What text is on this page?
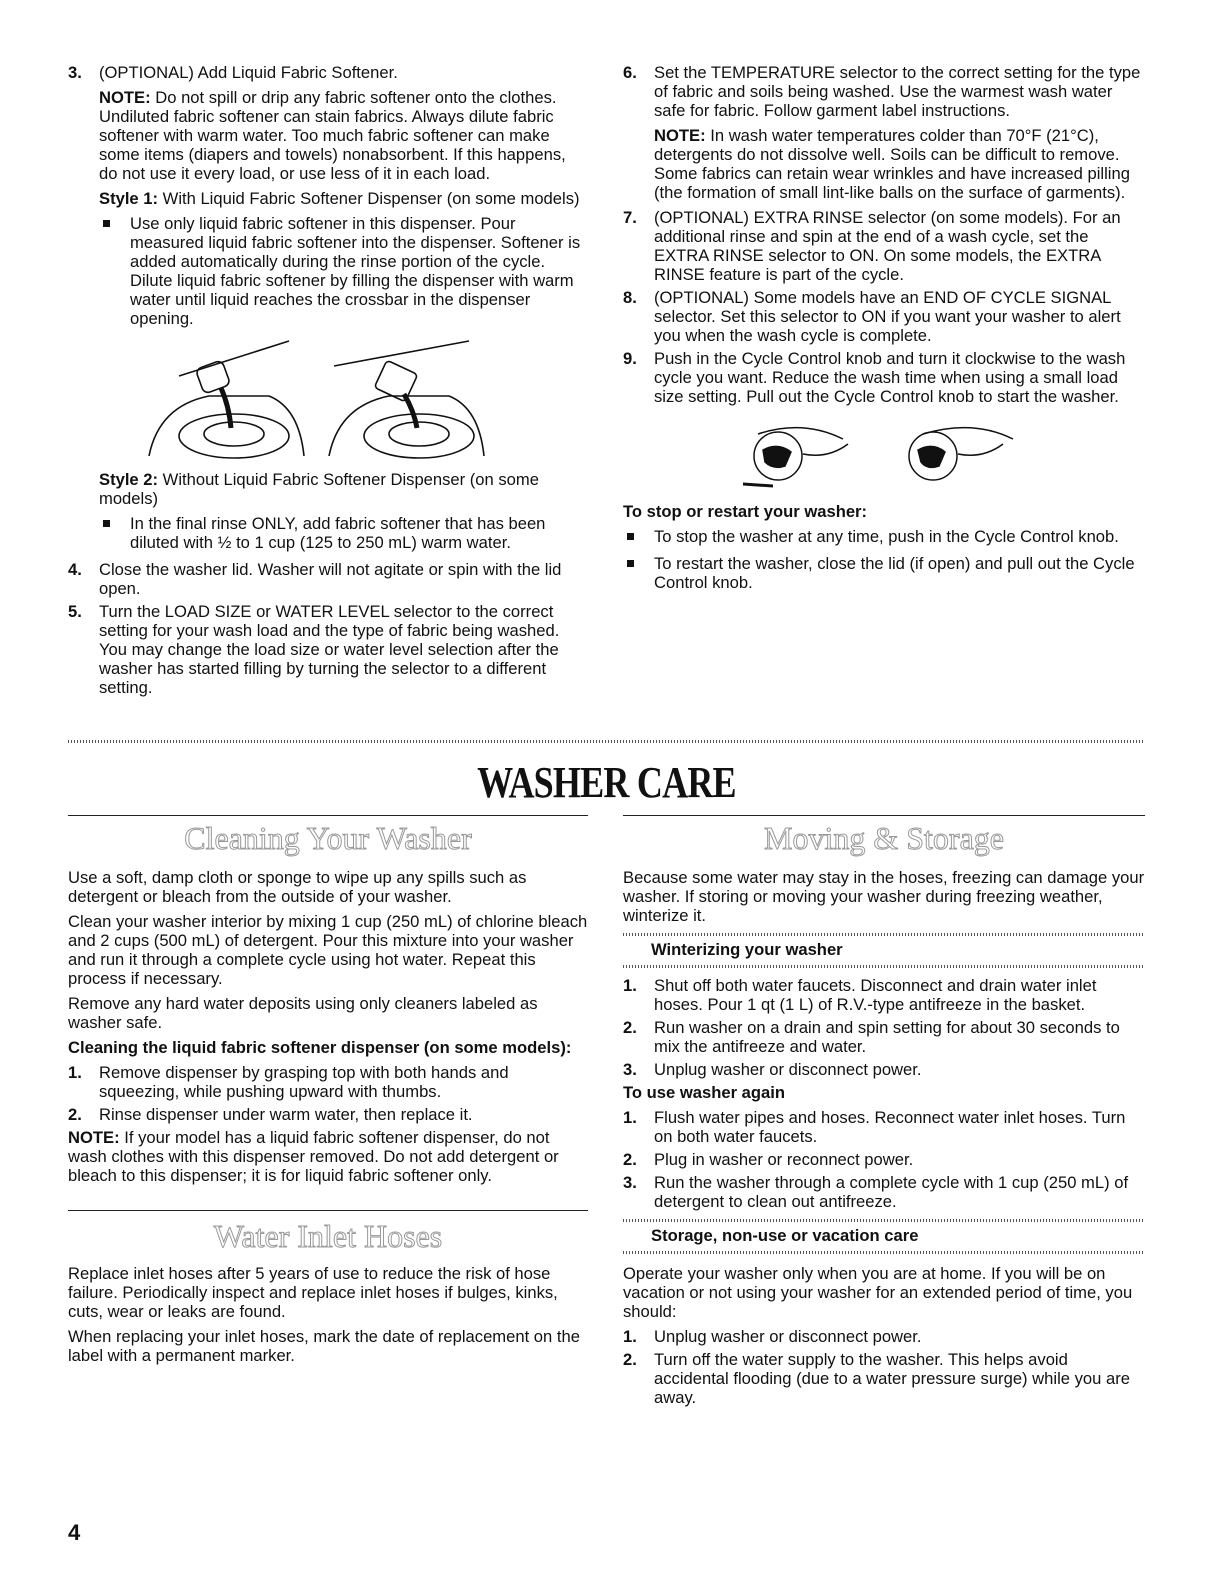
3. (OPTIONAL) Add Liquid Fabric Softener.

NOTE: Do not spill or drip any fabric softener onto the clothes. Undiluted fabric softener can stain fabrics. Always dilute fabric softener with warm water. Too much fabric softener can make some items (diapers and towels) nonabsorbent. If this happens, do not use it every load, or use less of it in each load.

Style 1: With Liquid Fabric Softener Dispenser (on some models)

Use only liquid fabric softener in this dispenser. Pour measured liquid fabric softener into the dispenser. Softener is added automatically during the rinse portion of the cycle. Dilute liquid fabric softener by filling the dispenser with warm water until liquid reaches the crossbar in the dispenser opening.

Style 2: Without Liquid Fabric Softener Dispenser (on some models)

In the final rinse ONLY, add fabric softener that has been diluted with ½ to 1 cup (125 to 250 mL) warm water.
4. Close the washer lid. Washer will not agitate or spin with the lid open.
5. Turn the LOAD SIZE or WATER LEVEL selector to the correct setting for your wash load and the type of fabric being washed. You may change the load size or water level selection after the washer has started filling by turning the selector to a different setting.
6. Set the TEMPERATURE selector to the correct setting for the type of fabric and soils being washed. Use the warmest wash water safe for fabric. Follow garment label instructions.

NOTE: In wash water temperatures colder than 70°F (21°C), detergents do not dissolve well. Soils can be difficult to remove. Some fabrics can retain wear wrinkles and have increased pilling (the formation of small lint-like balls on the surface of garments).

7. (OPTIONAL) EXTRA RINSE selector (on some models). For an additional rinse and spin at the end of a wash cycle, set the EXTRA RINSE selector to ON. On some models, the EXTRA RINSE feature is part of the cycle.
8. (OPTIONAL) Some models have an END OF CYCLE SIGNAL selector. Set this selector to ON if you want your washer to alert you when the wash cycle is complete.
9. Push in the Cycle Control knob and turn it clockwise to the wash cycle you want. Reduce the wash time when using a small load size setting. Pull out the Cycle Control knob to start the washer.

To stop or restart your washer:

To stop the washer at any time, push in the Cycle Control knob.
To restart the washer, close the lid (if open) and pull out the Cycle Control knob.
WASHER CARE
Cleaning Your Washer

Use a soft, damp cloth or sponge to wipe up any spills such as detergent or bleach from the outside of your washer.

Clean your washer interior by mixing 1 cup (250 mL) of chlorine bleach and 2 cups (500 mL) of detergent. Pour this mixture into your washer and run it through a complete cycle using hot water. Repeat this process if necessary.

Remove any hard water deposits using only cleaners labeled as washer safe.

Cleaning the liquid fabric softener dispenser (on some models):

1. Remove dispenser by grasping top with both hands and squeezing, while pushing upward with thumbs.
2. Rinse dispenser under warm water, then replace it.

NOTE: If your model has a liquid fabric softener dispenser, do not wash clothes with this dispenser removed. Do not add detergent or bleach to this dispenser; it is for liquid fabric softener only.

Water Inlet Hoses

Replace inlet hoses after 5 years of use to reduce the risk of hose failure. Periodically inspect and replace inlet hoses if bulges, kinks, cuts, wear or leaks are found.

When replacing your inlet hoses, mark the date of replacement on the label with a permanent marker.

Moving & Storage

Because some water may stay in the hoses, freezing can damage your washer. If storing or moving your washer during freezing weather, winterize it.

Winterizing your washer

1. Shut off both water faucets. Disconnect and drain water inlet hoses. Pour 1 qt (1 L) of R.V.-type antifreeze in the basket.
2. Run washer on a drain and spin setting for about 30 seconds to mix the antifreeze and water.
3. Unplug washer or disconnect power.

To use washer again

1. Flush water pipes and hoses. Reconnect water inlet hoses. Turn on both water faucets.
2. Plug in washer or reconnect power.
3. Run the washer through a complete cycle with 1 cup (250 mL) of detergent to clean out antifreeze.

Storage, non-use or vacation care

Operate your washer only when you are at home. If you will be on vacation or not using your washer for an extended period of time, you should:

1. Unplug washer or disconnect power.
2. Turn off the water supply to the washer. This helps avoid accidental flooding (due to a water pressure surge) while you are away.
4
